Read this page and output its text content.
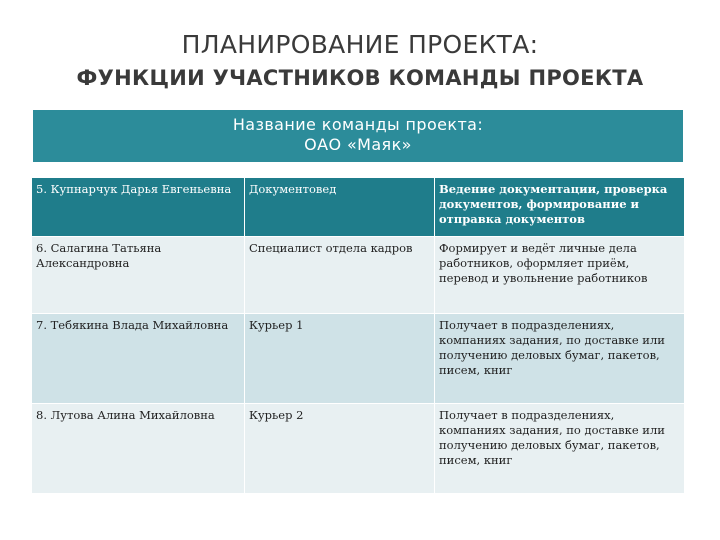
ПЛАНИРОВАНИЕ ПРОЕКТА:
ФУНКЦИИ УЧАСТНИКОВ КОМАНДЫ ПРОЕКТА
Название команды проекта:
ОАО «Маяк»
5. Купнарчук Дарья Евгеньевна	Документовед	Ведение документации, проверка документов, формирование и отправка документов
6. Салагина Татьяна Александровна	Специалист отдела кадров	Формирует и ведёт личные дела работников, оформляет приём, перевод и увольнение работников
7. Тебякина Влада Михайловна	Курьер 1	Получает в подразделениях, компаниях задания, по доставке или получению деловых бумаг, пакетов, писем, книг
8. Лутова Алина Михайловна	Курьер 2	Получает в подразделениях, компаниях задания, по доставке или получению деловых бумаг, пакетов, писем, книг
